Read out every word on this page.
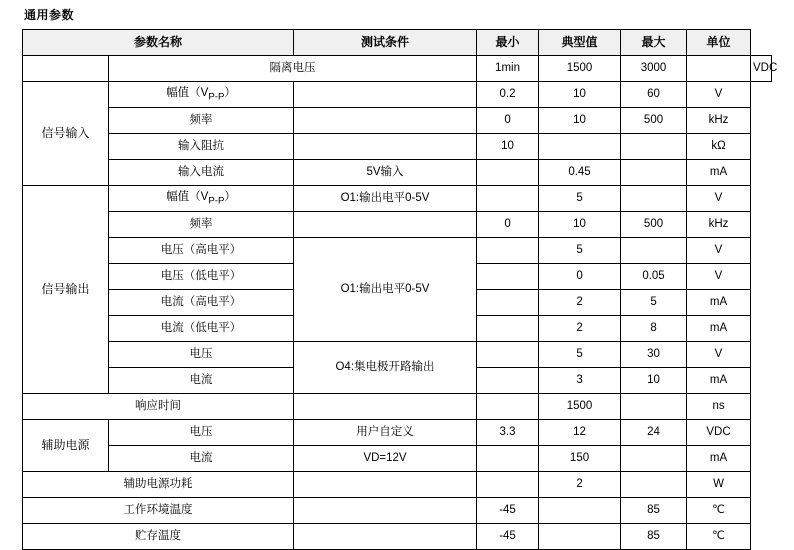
通用参数
参数名称		测试条件	最小	典型值	最大	单位	
	隔离电压		1min	1500	3000		VDC
信号输入	幅值$(V_{P-P})$		0.2	10	60	V	
	频率		0	10	500	kHz	
	输入阻抗		10			kΩ	
	输入电流	5V输入		0.45		mA	
信号输出	幅值$(V_{P-P})$	O1:输出电平0-5V		5		V	
	频率		0	10	500	kHz	
	电压（高电平）	O1:输出电平0-5V		5		V	
	电压（低电平）			0	0.05	V	
	电流（高电平）			2	5	mA	
	电流（低电平）			2	8	mA	
	电压	O4:集电极开路输出		5	30	V	
	电流			3	10	mA	
响应时间				1500		ns	
辅助电源	电压	用户自定义	3.3	12	24	VDC	
	电流	VD=12V		150		mA	
辅助电源功耗				2		W	
工作环境温度			-45		85	℃	
贮存温度			-45		85	℃	
